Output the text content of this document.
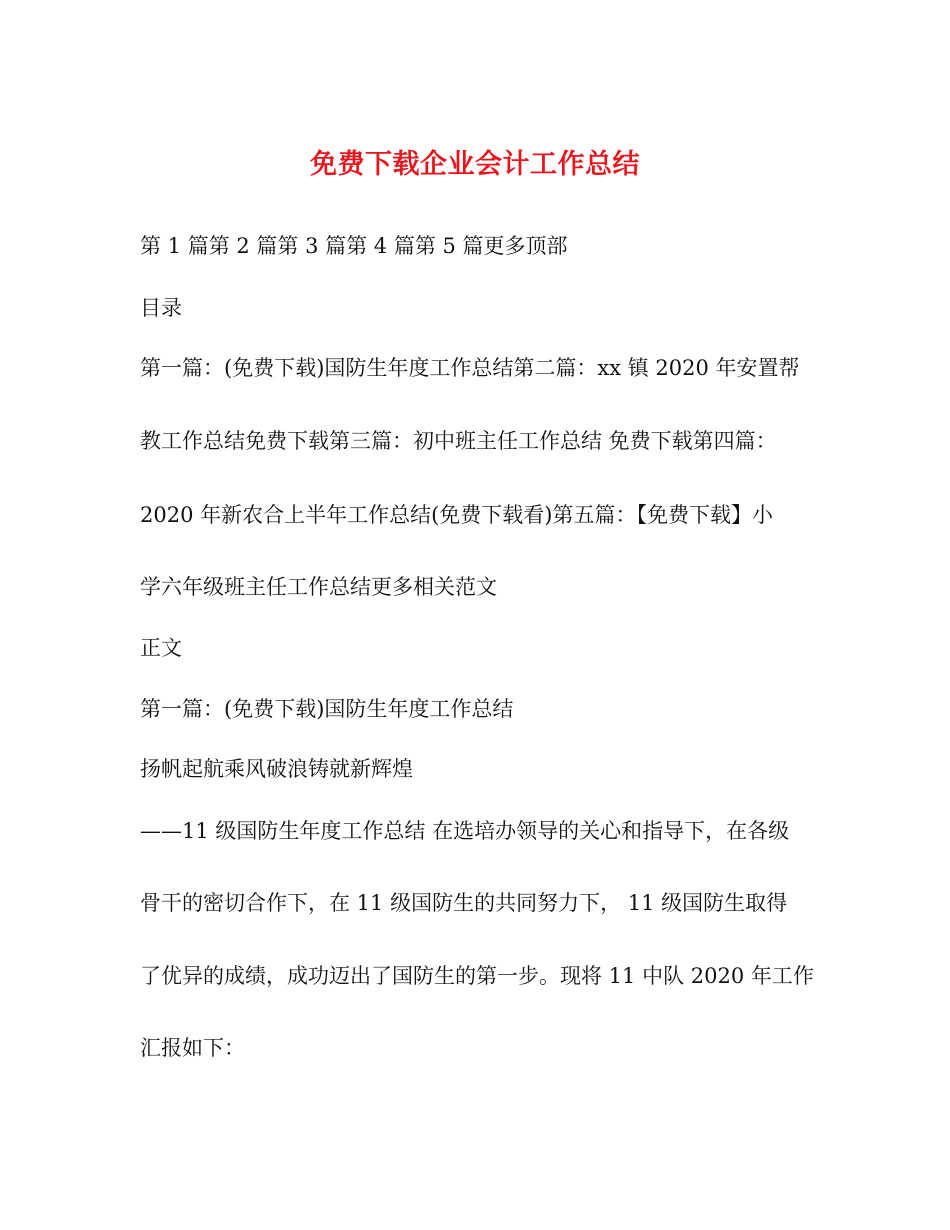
免费下载企业会计工作总结
第 1 篇第 2 篇第 3 篇第 4 篇第 5 篇更多顶部
目录
第一篇：(免费下载)国防生年度工作总结第二篇：xx 镇 2020 年安置帮
教工作总结免费下载第三篇：初中班主任工作总结 免费下载第四篇：
2020 年新农合上半年工作总结(免费下载看)第五篇：【免费下载】小
学六年级班主任工作总结更多相关范文
正文
第一篇：(免费下载)国防生年度工作总结
扬帆起航乘风破浪铸就新辉煌
——11 级国防生年度工作总结 在选培办领导的关心和指导下，在各级
骨干的密切合作下，在 11 级国防生的共同努力下， 11 级国防生取得
了优异的成绩，成功迈出了国防生的第一步。现将 11 中队 2020 年工作
汇报如下：
